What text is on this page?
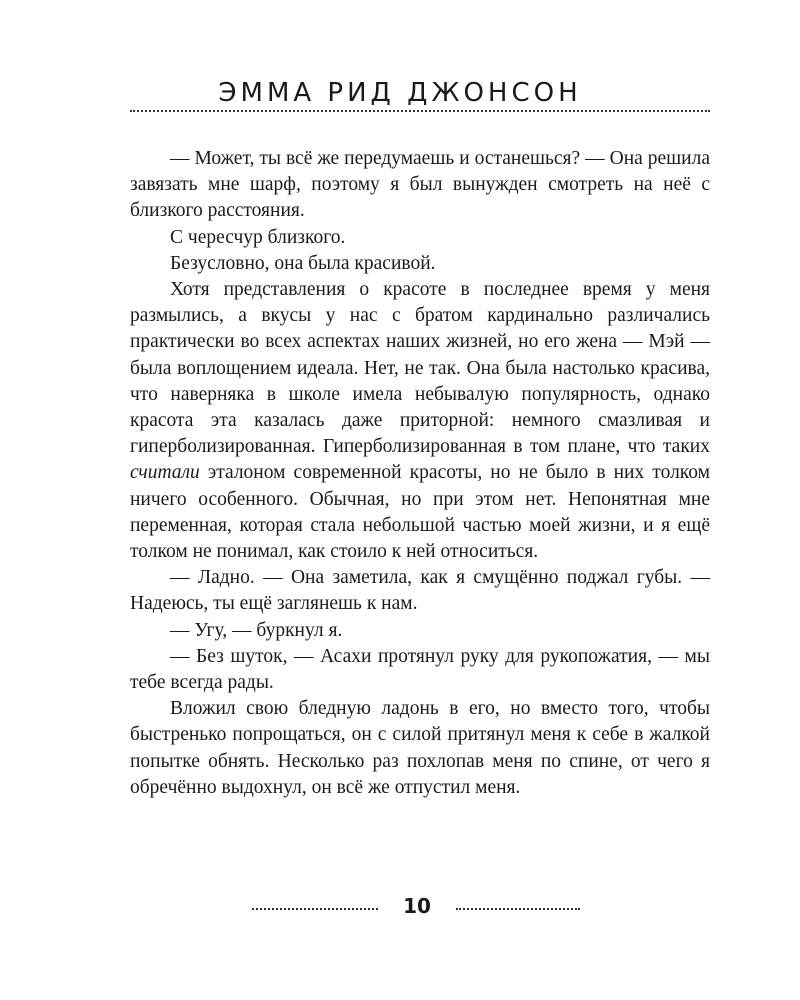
ЭММА РИД ДЖОНСОН

— Может, ты всё же передумаешь и останешься? — Она решила завязать мне шарф, поэтому я был вынужден смотреть на неё с близкого расстояния.

С чересчур близкого.

Безусловно, она была красивой.

Хотя представления о красоте в последнее время у меня размылись, а вкусы у нас с братом кардинально различались практически во всех аспектах наших жизней, но его жена — Мэй — была воплощением идеала. Нет, не так. Она была настолько красива, что наверняка в школе имела небывалую популярность, однако красота эта казалась даже приторной: немного смазливая и гиперболизированная. Гиперболизированная в том плане, что таких считали эталоном современной красоты, но не было в них толком ничего особенного. Обычная, но при этом нет. Непонятная мне переменная, которая стала небольшой частью моей жизни, и я ещё толком не понимал, как стоило к ней относиться.

— Ладно. — Она заметила, как я смущённо поджал губы. — Надеюсь, ты ещё заглянешь к нам.

— Угу, — буркнул я.

— Без шуток, — Асахи протянул руку для рукопожатия, — мы тебе всегда рады.

Вложил свою бледную ладонь в его, но вместо того, чтобы быстренько попрощаться, он с силой притянул меня к себе в жалкой попытке обнять. Несколько раз похлопав меня по спине, от чего я обречённо выдохнул, он всё же отпустил меня.

10
